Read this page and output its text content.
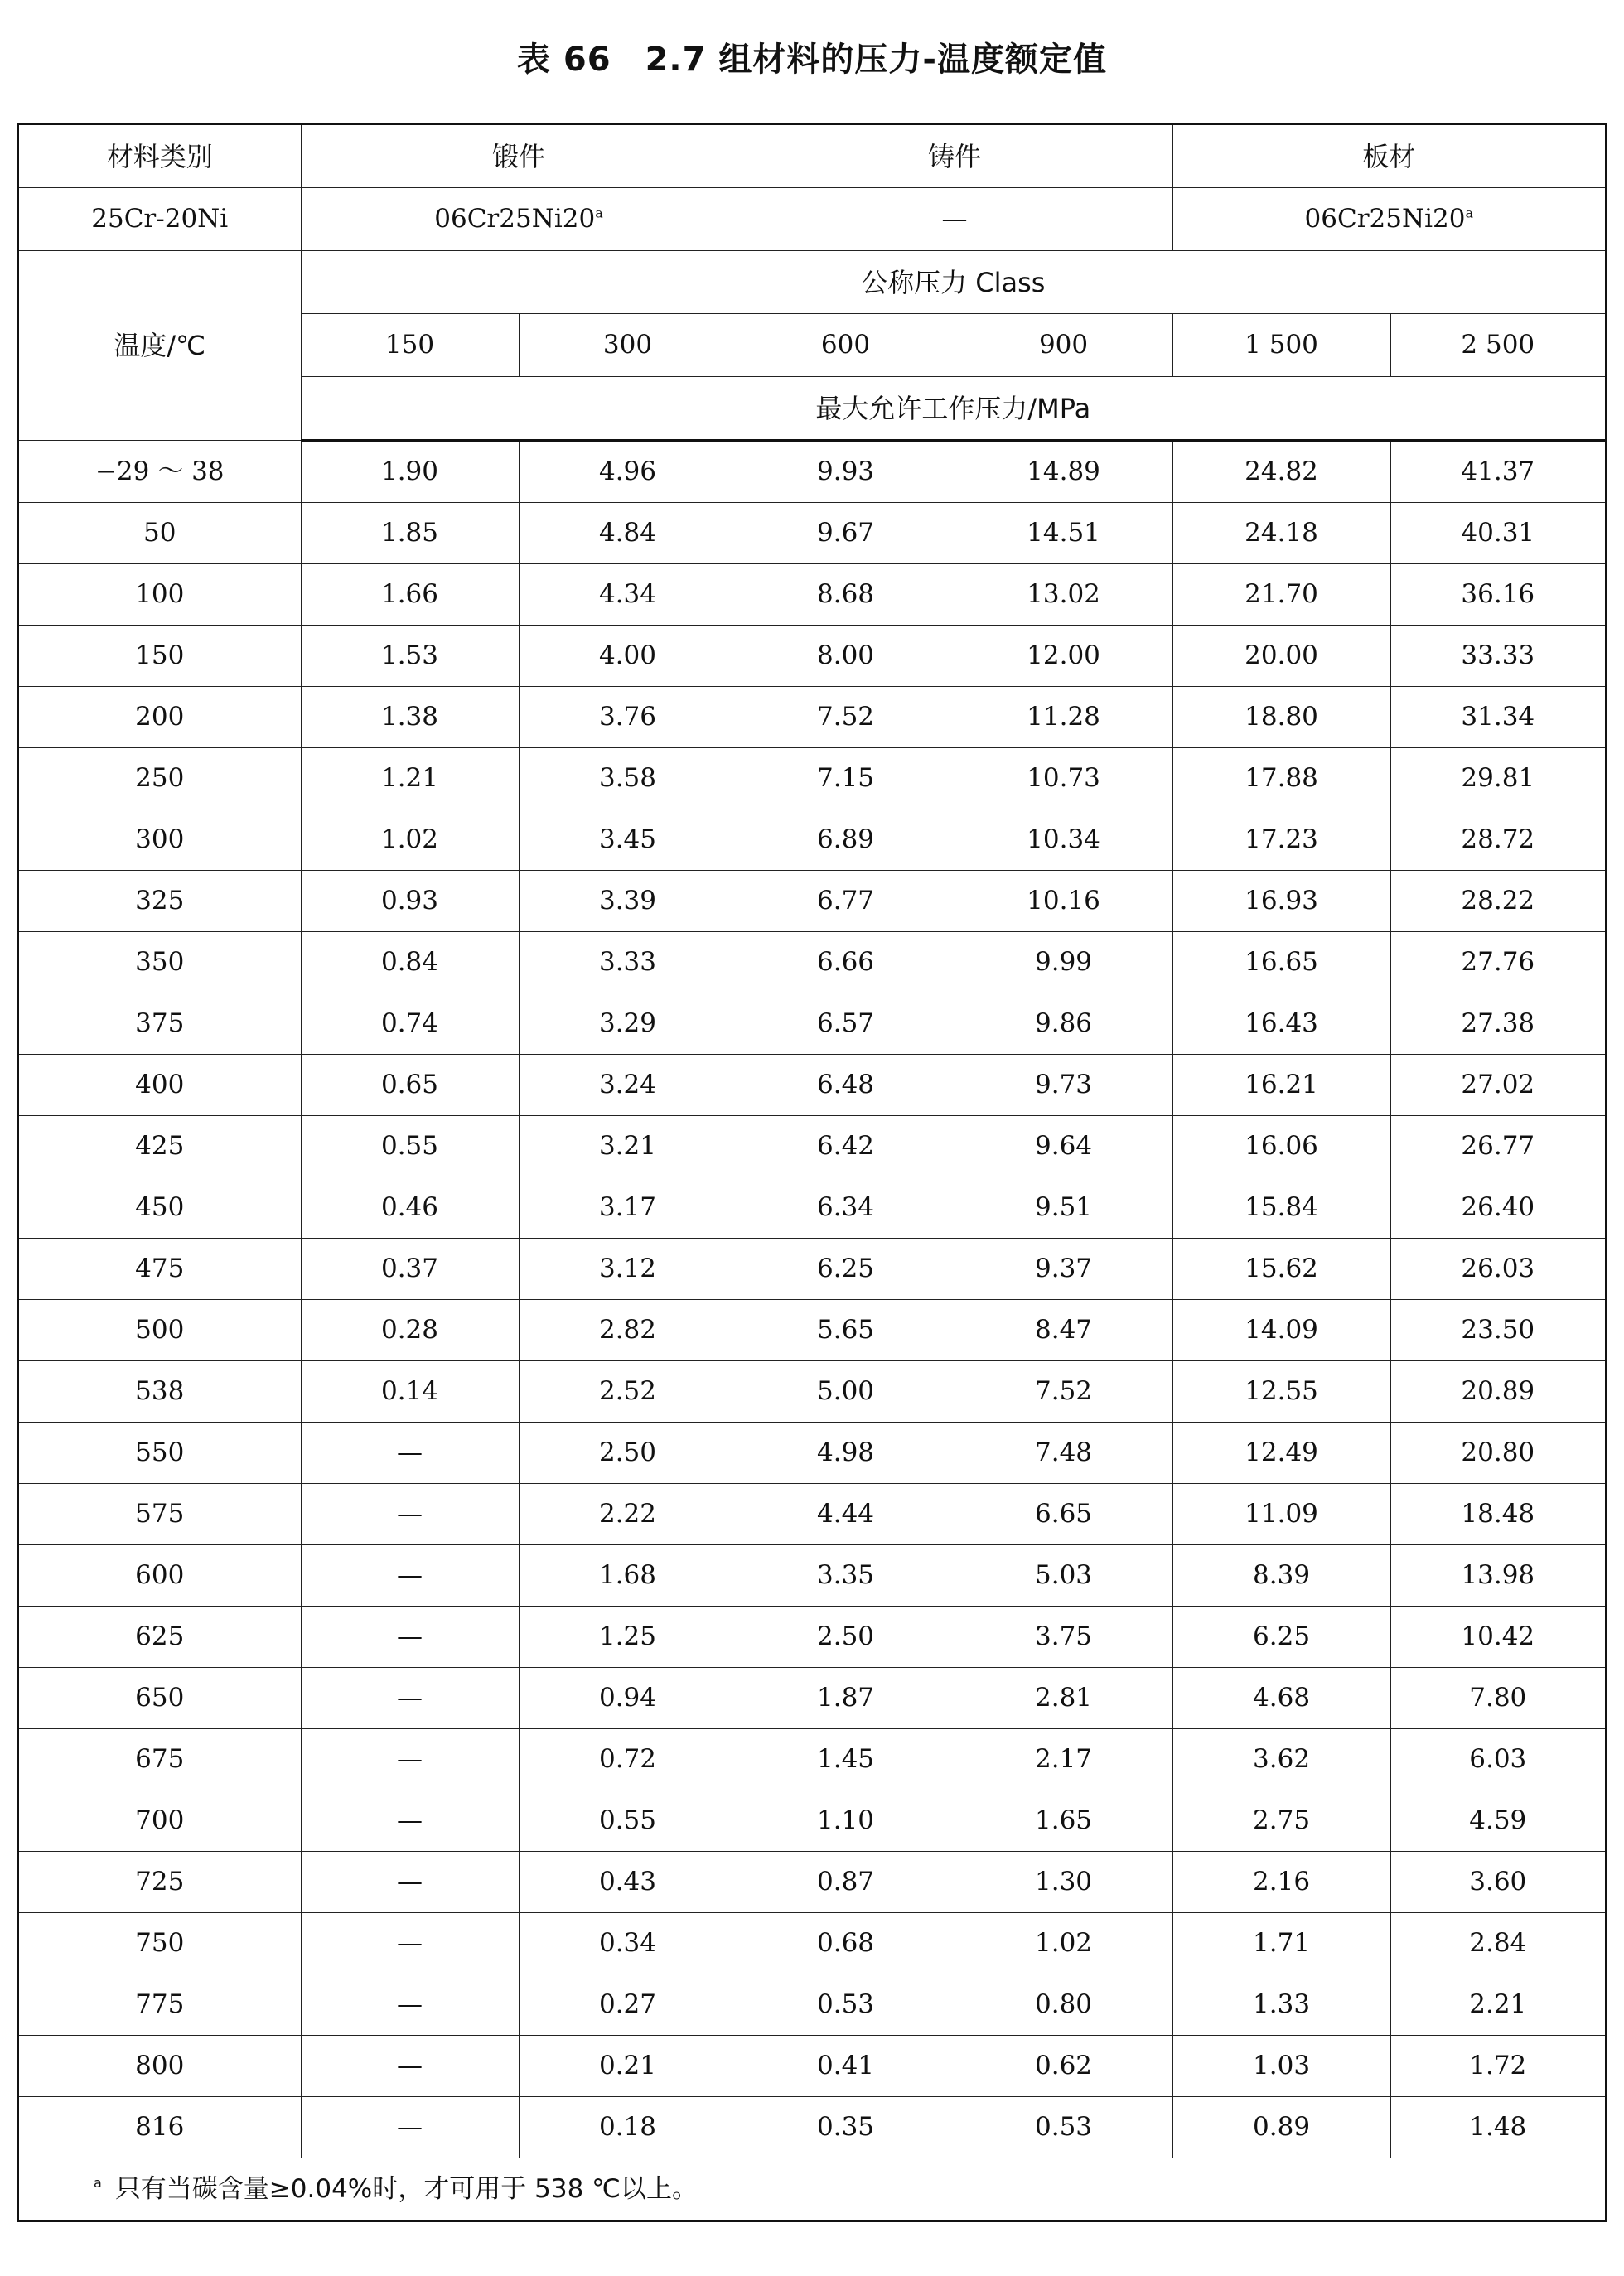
表 66　2.7 组材料的压力-温度额定值
材料类别	锻件		铸件		板材	
25Cr-20Ni	06Cr25Ni20$^a$		—		06Cr25Ni20$^a$
温度/℃	公称压力 Class					
	150	300	600	900	1 500	2 500
	最大允许工作压力/MPa					
−29 ～ 38	1.90	4.96	9.93	14.89	24.82	41.37
50	1.85	4.84	9.67	14.51	24.18	40.31
100	1.66	4.34	8.68	13.02	21.70	36.16
150	1.53	4.00	8.00	12.00	20.00	33.33
200	1.38	3.76	7.52	11.28	18.80	31.34
250	1.21	3.58	7.15	10.73	17.88	29.81
300	1.02	3.45	6.89	10.34	17.23	28.72
325	0.93	3.39	6.77	10.16	16.93	28.22
350	0.84	3.33	6.66	9.99	16.65	27.76
375	0.74	3.29	6.57	9.86	16.43	27.38
400	0.65	3.24	6.48	9.73	16.21	27.02
425	0.55	3.21	6.42	9.64	16.06	26.77
450	0.46	3.17	6.34	9.51	15.84	26.40
475	0.37	3.12	6.25	9.37	15.62	26.03
500	0.28	2.82	5.65	8.47	14.09	23.50
538	0.14	2.52	5.00	7.52	12.55	20.89
550	—	2.50	4.98	7.48	12.49	20.80
575	—	2.22	4.44	6.65	11.09	18.48
600	—	1.68	3.35	5.03	8.39	13.98
625	—	1.25	2.50	3.75	6.25	10.42
650	—	0.94	1.87	2.81	4.68	7.80
675	—	0.72	1.45	2.17	3.62	6.03
700	—	0.55	1.10	1.65	2.75	4.59
725	—	0.43	0.87	1.30	2.16	3.60
750	—	0.34	0.68	1.02	1.71	2.84
775	—	0.27	0.53	0.80	1.33	2.21
800	—	0.21	0.41	0.62	1.03	1.72
816	—	0.18	0.35	0.53	0.89	1.48
$^a$ 只有当碳含量≥0.04%时，才可用于 538 ℃以上。						
